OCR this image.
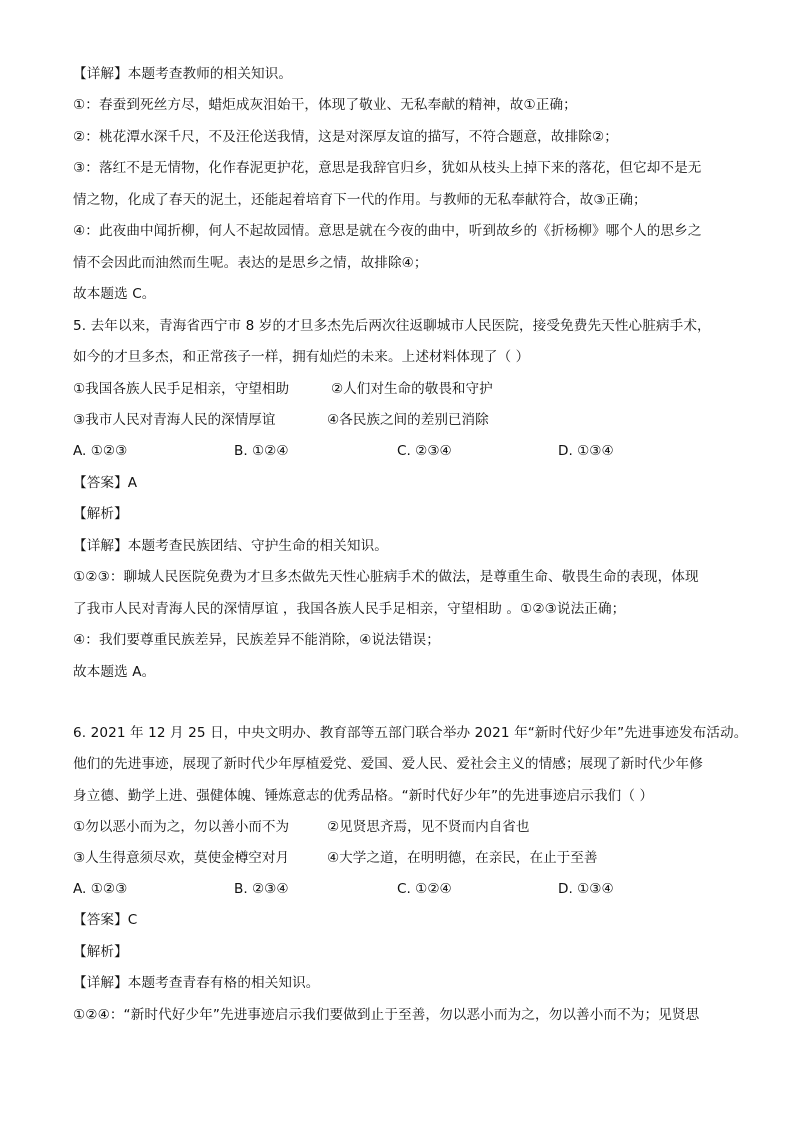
【详解】本题考查教师的相关知识。
①：春蚕到死丝方尽，蜡炬成灰泪始干，体现了敬业、无私奉献的精神，故①正确；
②：桃花潭水深千尺，不及汪伦送我情，这是对深厚友谊的描写，不符合题意，故排除②；
③：落红不是无情物，化作春泥更护花，意思是我辞官归乡，犹如从枝头上掉下来的落花，但它却不是无
情之物，化成了春天的泥土，还能起着培育下一代的作用。与教师的无私奉献符合，故③正确；
④：此夜曲中闻折柳，何人不起故园情。意思是就在今夜的曲中，听到故乡的《折杨柳》哪个人的思乡之
情不会因此而油然而生呢。表达的是思乡之情，故排除④；
故本题选 C。
5. 去年以来，青海省西宁市 8 岁的才旦多杰先后两次往返聊城市人民医院，接受免费先天性心脏病手术，
如今的才旦多杰，和正常孩子一样，拥有灿烂的未来。上述材料体现了（ ）
①我国各族人民手足相亲，守望相助	②人们对生命的敬畏和守护
③我市人民对青海人民的深情厚谊	④各民族之间的差别已消除
A. ①②③	B. ①②④	C. ②③④	D. ①③④
【答案】A
【解析】
【详解】本题考查民族团结、守护生命的相关知识。
①②③：聊城人民医院免费为才旦多杰做先天性心脏病手术的做法，是尊重生命、敬畏生命的表现，体现
了我市人民对青海人民的深情厚谊 ，我国各族人民手足相亲，守望相助 。①②③说法正确；
④：我们要尊重民族差异，民族差异不能消除，④说法错误；
故本题选 A。
6. 2021 年 12 月 25 日，中央文明办、教育部等五部门联合举办 2021 年“新时代好少年”先进事迹发布活动。
他们的先进事迹，展现了新时代少年厚植爱党、爱国、爱人民、爱社会主义的情感；展现了新时代少年修
身立德、勤学上进、强健体魄、锤炼意志的优秀品格。“新时代好少年”的先进事迹启示我们（ ）
①勿以恶小而为之，勿以善小而不为	②见贤思齐焉，见不贤而内自省也
③人生得意须尽欢，莫使金樽空对月	④大学之道，在明明德，在亲民，在止于至善
A. ①②③	B. ②③④	C. ①②④	D. ①③④
【答案】C
【解析】
【详解】本题考查青春有格的相关知识。
①②④：“新时代好少年”先进事迹启示我们要做到止于至善，勿以恶小而为之，勿以善小而不为；见贤思
